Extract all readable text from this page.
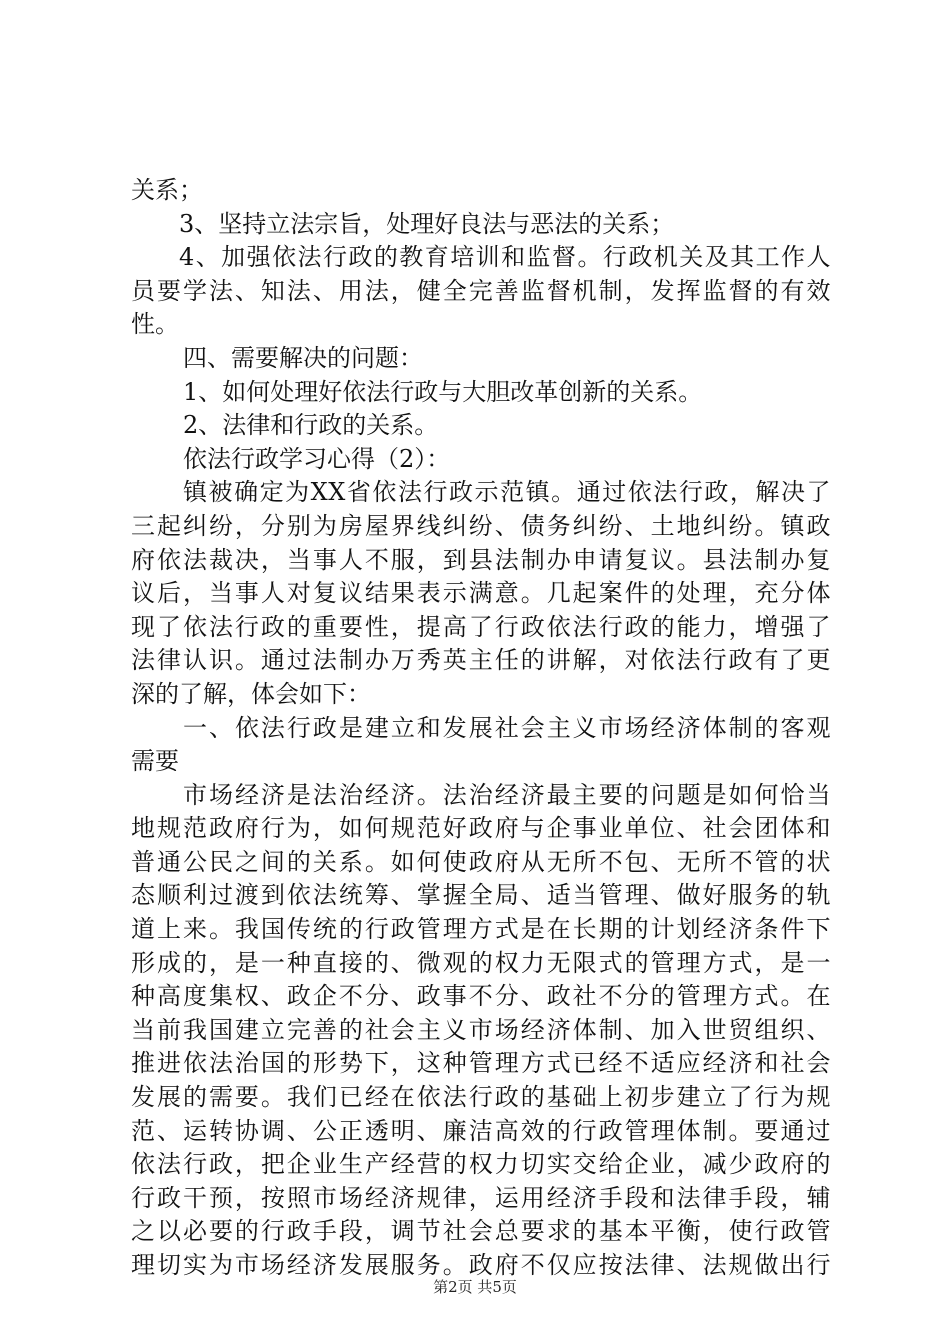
关系；
3、坚持立法宗旨，处理好良法与恶法的关系；
4、加强依法行政的教育培训和监督。行政机关及其工作人
员要学法、知法、用法，健全完善监督机制，发挥监督的有效
性。
四、需要解决的问题：
1、如何处理好依法行政与大胆改革创新的关系。
2、法律和行政的关系。
依法行政学习心得（2）：
镇被确定为XX省依法行政示范镇。通过依法行政，解决了
三起纠纷，分别为房屋界线纠纷、债务纠纷、土地纠纷。镇政
府依法裁决，当事人不服，到县法制办申请复议。县法制办复
议后，当事人对复议结果表示满意。几起案件的处理，充分体
现了依法行政的重要性，提高了行政依法行政的能力，增强了
法律认识。通过法制办万秀英主任的讲解，对依法行政有了更
深的了解，体会如下：
一、依法行政是建立和发展社会主义市场经济体制的客观
需要
市场经济是法治经济。法治经济最主要的问题是如何恰当
地规范政府行为，如何规范好政府与企事业单位、社会团体和
普通公民之间的关系。如何使政府从无所不包、无所不管的状
态顺利过渡到依法统筹、掌握全局、适当管理、做好服务的轨
道上来。我国传统的行政管理方式是在长期的计划经济条件下
形成的，是一种直接的、微观的权力无限式的管理方式，是一
种高度集权、政企不分、政事不分、政社不分的管理方式。在
当前我国建立完善的社会主义市场经济体制、加入世贸组织、
推进依法治国的形势下，这种管理方式已经不适应经济和社会
发展的需要。我们已经在依法行政的基础上初步建立了行为规
范、运转协调、公正透明、廉洁高效的行政管理体制。要通过
依法行政，把企业生产经营的权力切实交给企业，减少政府的
行政干预，按照市场经济规律，运用经济手段和法律手段，辅
之以必要的行政手段，调节社会总要求的基本平衡，使行政管
理切实为市场经济发展服务。政府不仅应按法律、法规做出行
第2页 共5页
